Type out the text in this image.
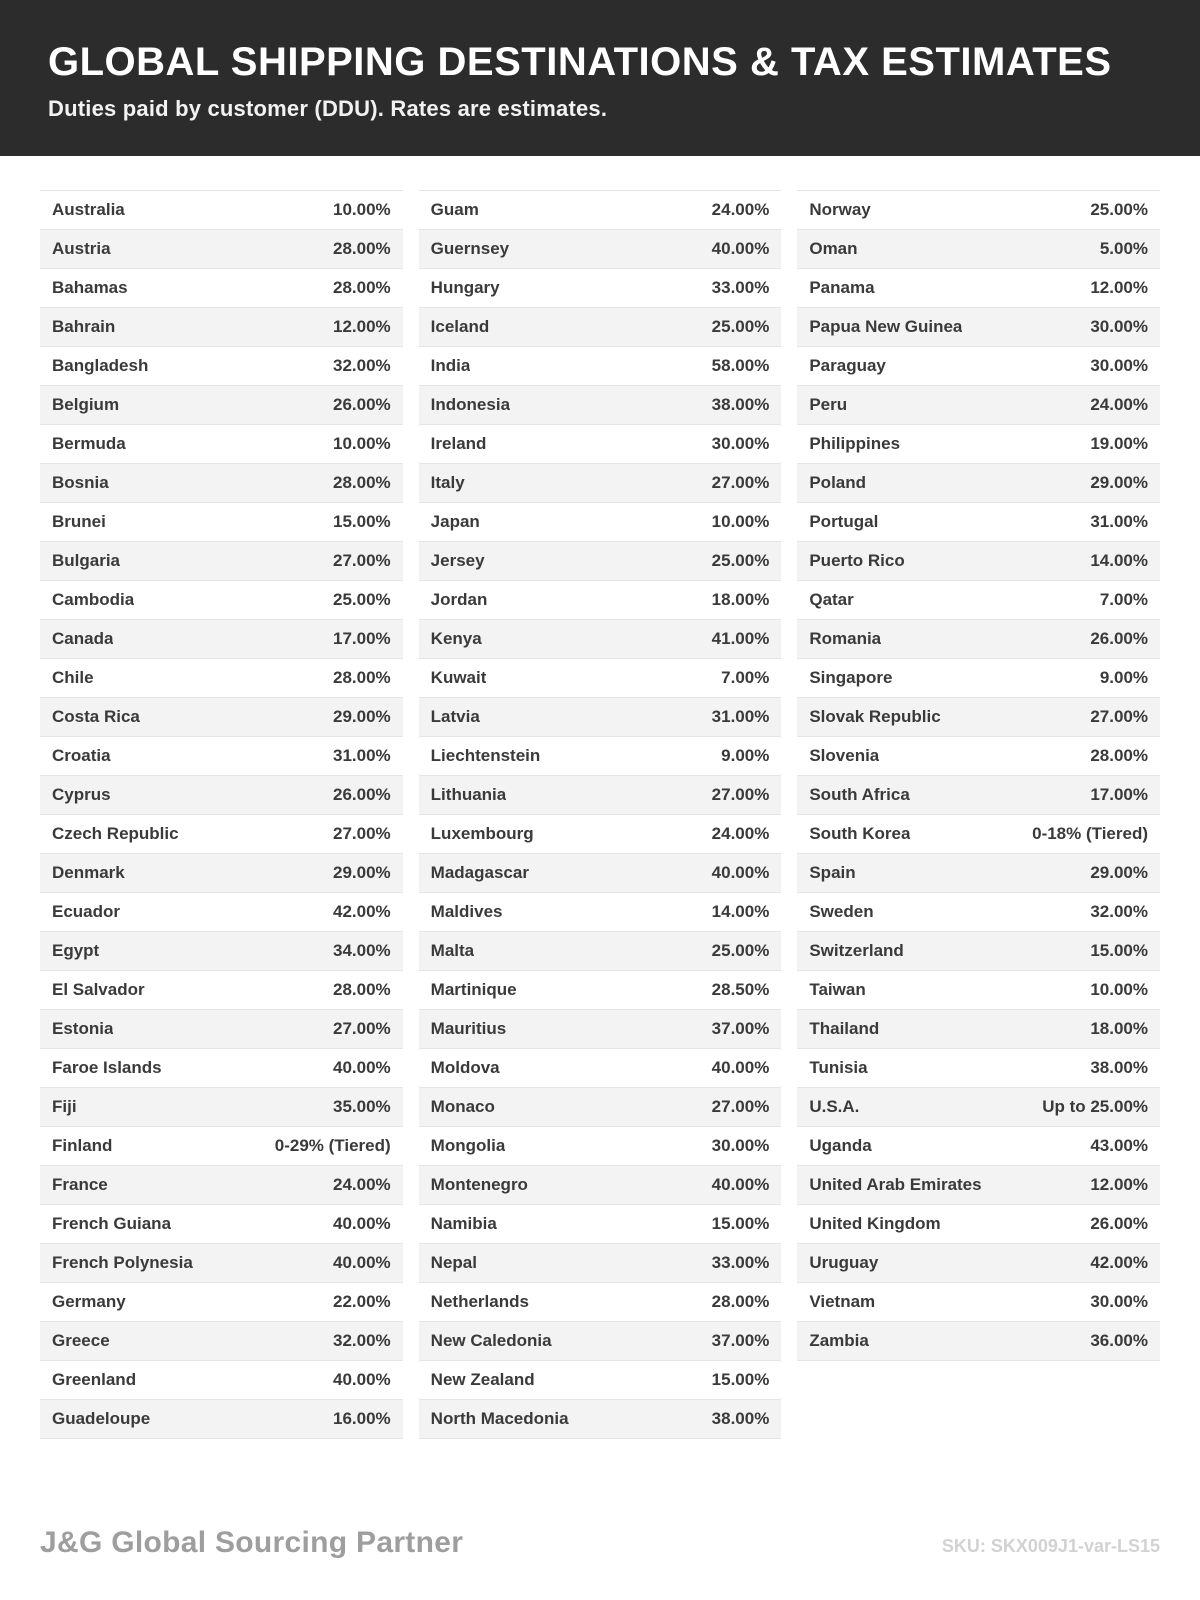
GLOBAL SHIPPING DESTINATIONS & TAX ESTIMATES
Duties paid by customer (DDU). Rates are estimates.
Australia	10.00%
Austria	28.00%
Bahamas	28.00%
Bahrain	12.00%
Bangladesh	32.00%
Belgium	26.00%
Bermuda	10.00%
Bosnia	28.00%
Brunei	15.00%
Bulgaria	27.00%
Cambodia	25.00%
Canada	17.00%
Chile	28.00%
Costa Rica	29.00%
Croatia	31.00%
Cyprus	26.00%
Czech Republic	27.00%
Denmark	29.00%
Ecuador	42.00%
Egypt	34.00%
El Salvador	28.00%
Estonia	27.00%
Faroe Islands	40.00%
Fiji	35.00%
Finland	0-29% (Tiered)
France	24.00%
French Guiana	40.00%
French Polynesia	40.00%
Germany	22.00%
Greece	32.00%
Greenland	40.00%
Guadeloupe	16.00%
Guam	24.00%
Guernsey	40.00%
Hungary	33.00%
Iceland	25.00%
India	58.00%
Indonesia	38.00%
Ireland	30.00%
Italy	27.00%
Japan	10.00%
Jersey	25.00%
Jordan	18.00%
Kenya	41.00%
Kuwait	7.00%
Latvia	31.00%
Liechtenstein	9.00%
Lithuania	27.00%
Luxembourg	24.00%
Madagascar	40.00%
Maldives	14.00%
Malta	25.00%
Martinique	28.50%
Mauritius	37.00%
Moldova	40.00%
Monaco	27.00%
Mongolia	30.00%
Montenegro	40.00%
Namibia	15.00%
Nepal	33.00%
Netherlands	28.00%
New Caledonia	37.00%
New Zealand	15.00%
North Macedonia	38.00%
Norway	25.00%
Oman	5.00%
Panama	12.00%
Papua New Guinea	30.00%
Paraguay	30.00%
Peru	24.00%
Philippines	19.00%
Poland	29.00%
Portugal	31.00%
Puerto Rico	14.00%
Qatar	7.00%
Romania	26.00%
Singapore	9.00%
Slovak Republic	27.00%
Slovenia	28.00%
South Africa	17.00%
South Korea	0-18% (Tiered)
Spain	29.00%
Sweden	32.00%
Switzerland	15.00%
Taiwan	10.00%
Thailand	18.00%
Tunisia	38.00%
U.S.A.	Up to 25.00%
Uganda	43.00%
United Arab Emirates	12.00%
United Kingdom	26.00%
Uruguay	42.00%
Vietnam	30.00%
Zambia	36.00%
J&G Global Sourcing Partner	SKU: SKX009J1-var-LS15
